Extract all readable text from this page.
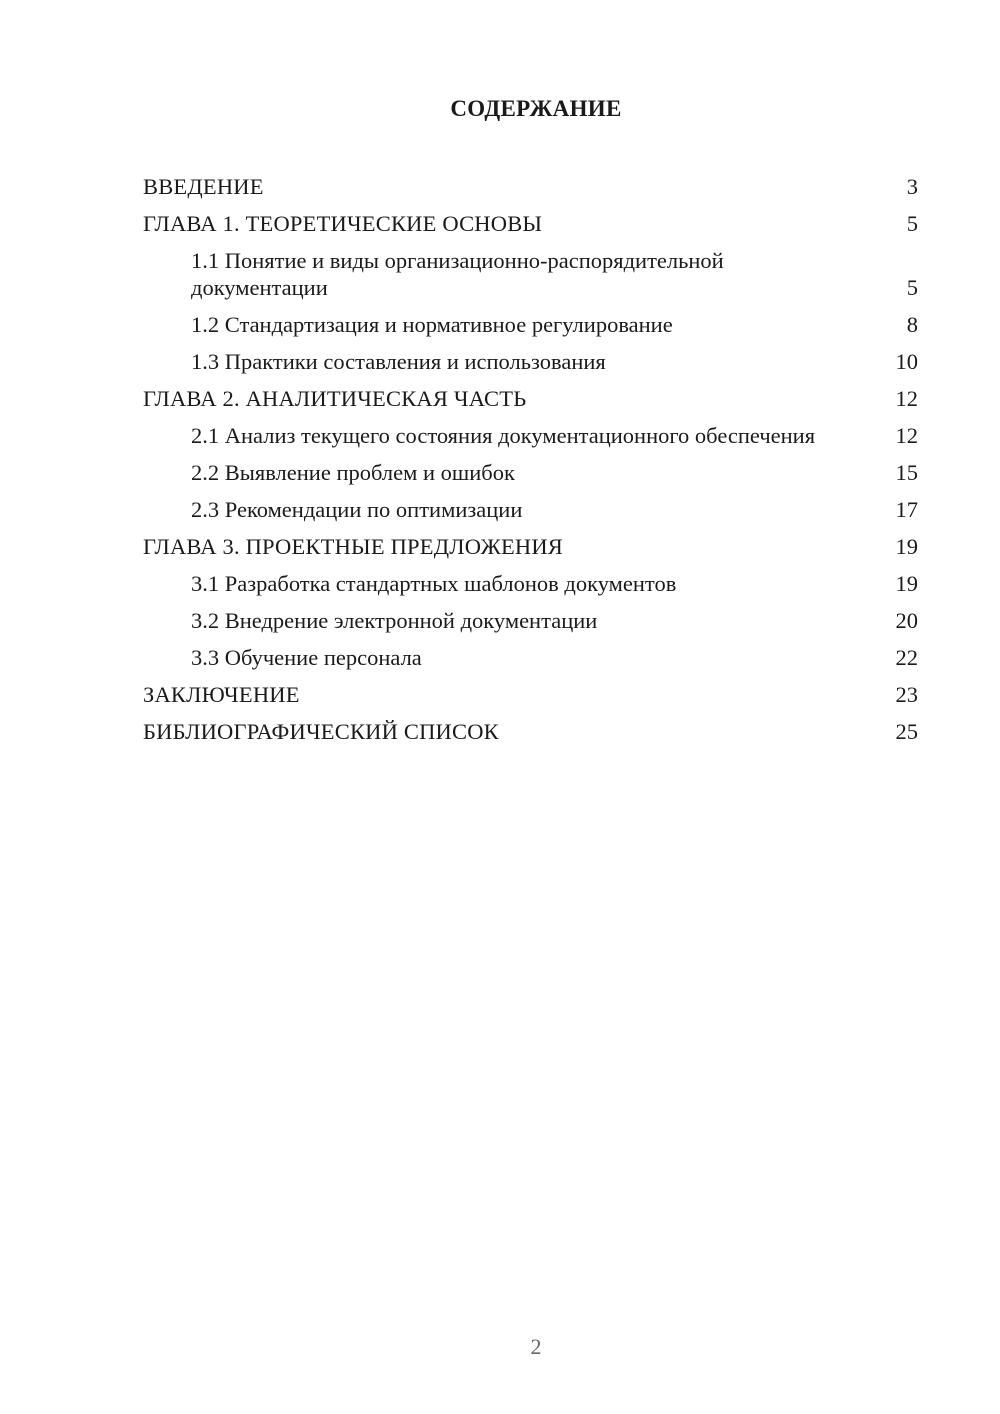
СОДЕРЖАНИЕ
ВВЕДЕНИЕ	3
ГЛАВА 1. ТЕОРЕТИЧЕСКИЕ ОСНОВЫ	5
1.1 Понятие и виды организационно-распорядительной документации	5
1.2 Стандартизация и нормативное регулирование	8
1.3 Практики составления и использования	10
ГЛАВА 2. АНАЛИТИЧЕСКАЯ ЧАСТЬ	12
2.1 Анализ текущего состояния документационного обеспечения	12
2.2 Выявление проблем и ошибок	15
2.3 Рекомендации по оптимизации	17
ГЛАВА 3. ПРОЕКТНЫЕ ПРЕДЛОЖЕНИЯ	19
3.1 Разработка стандартных шаблонов документов	19
3.2 Внедрение электронной документации	20
3.3 Обучение персонала	22
ЗАКЛЮЧЕНИЕ	23
БИБЛИОГРАФИЧЕСКИЙ СПИСОК	25
2
